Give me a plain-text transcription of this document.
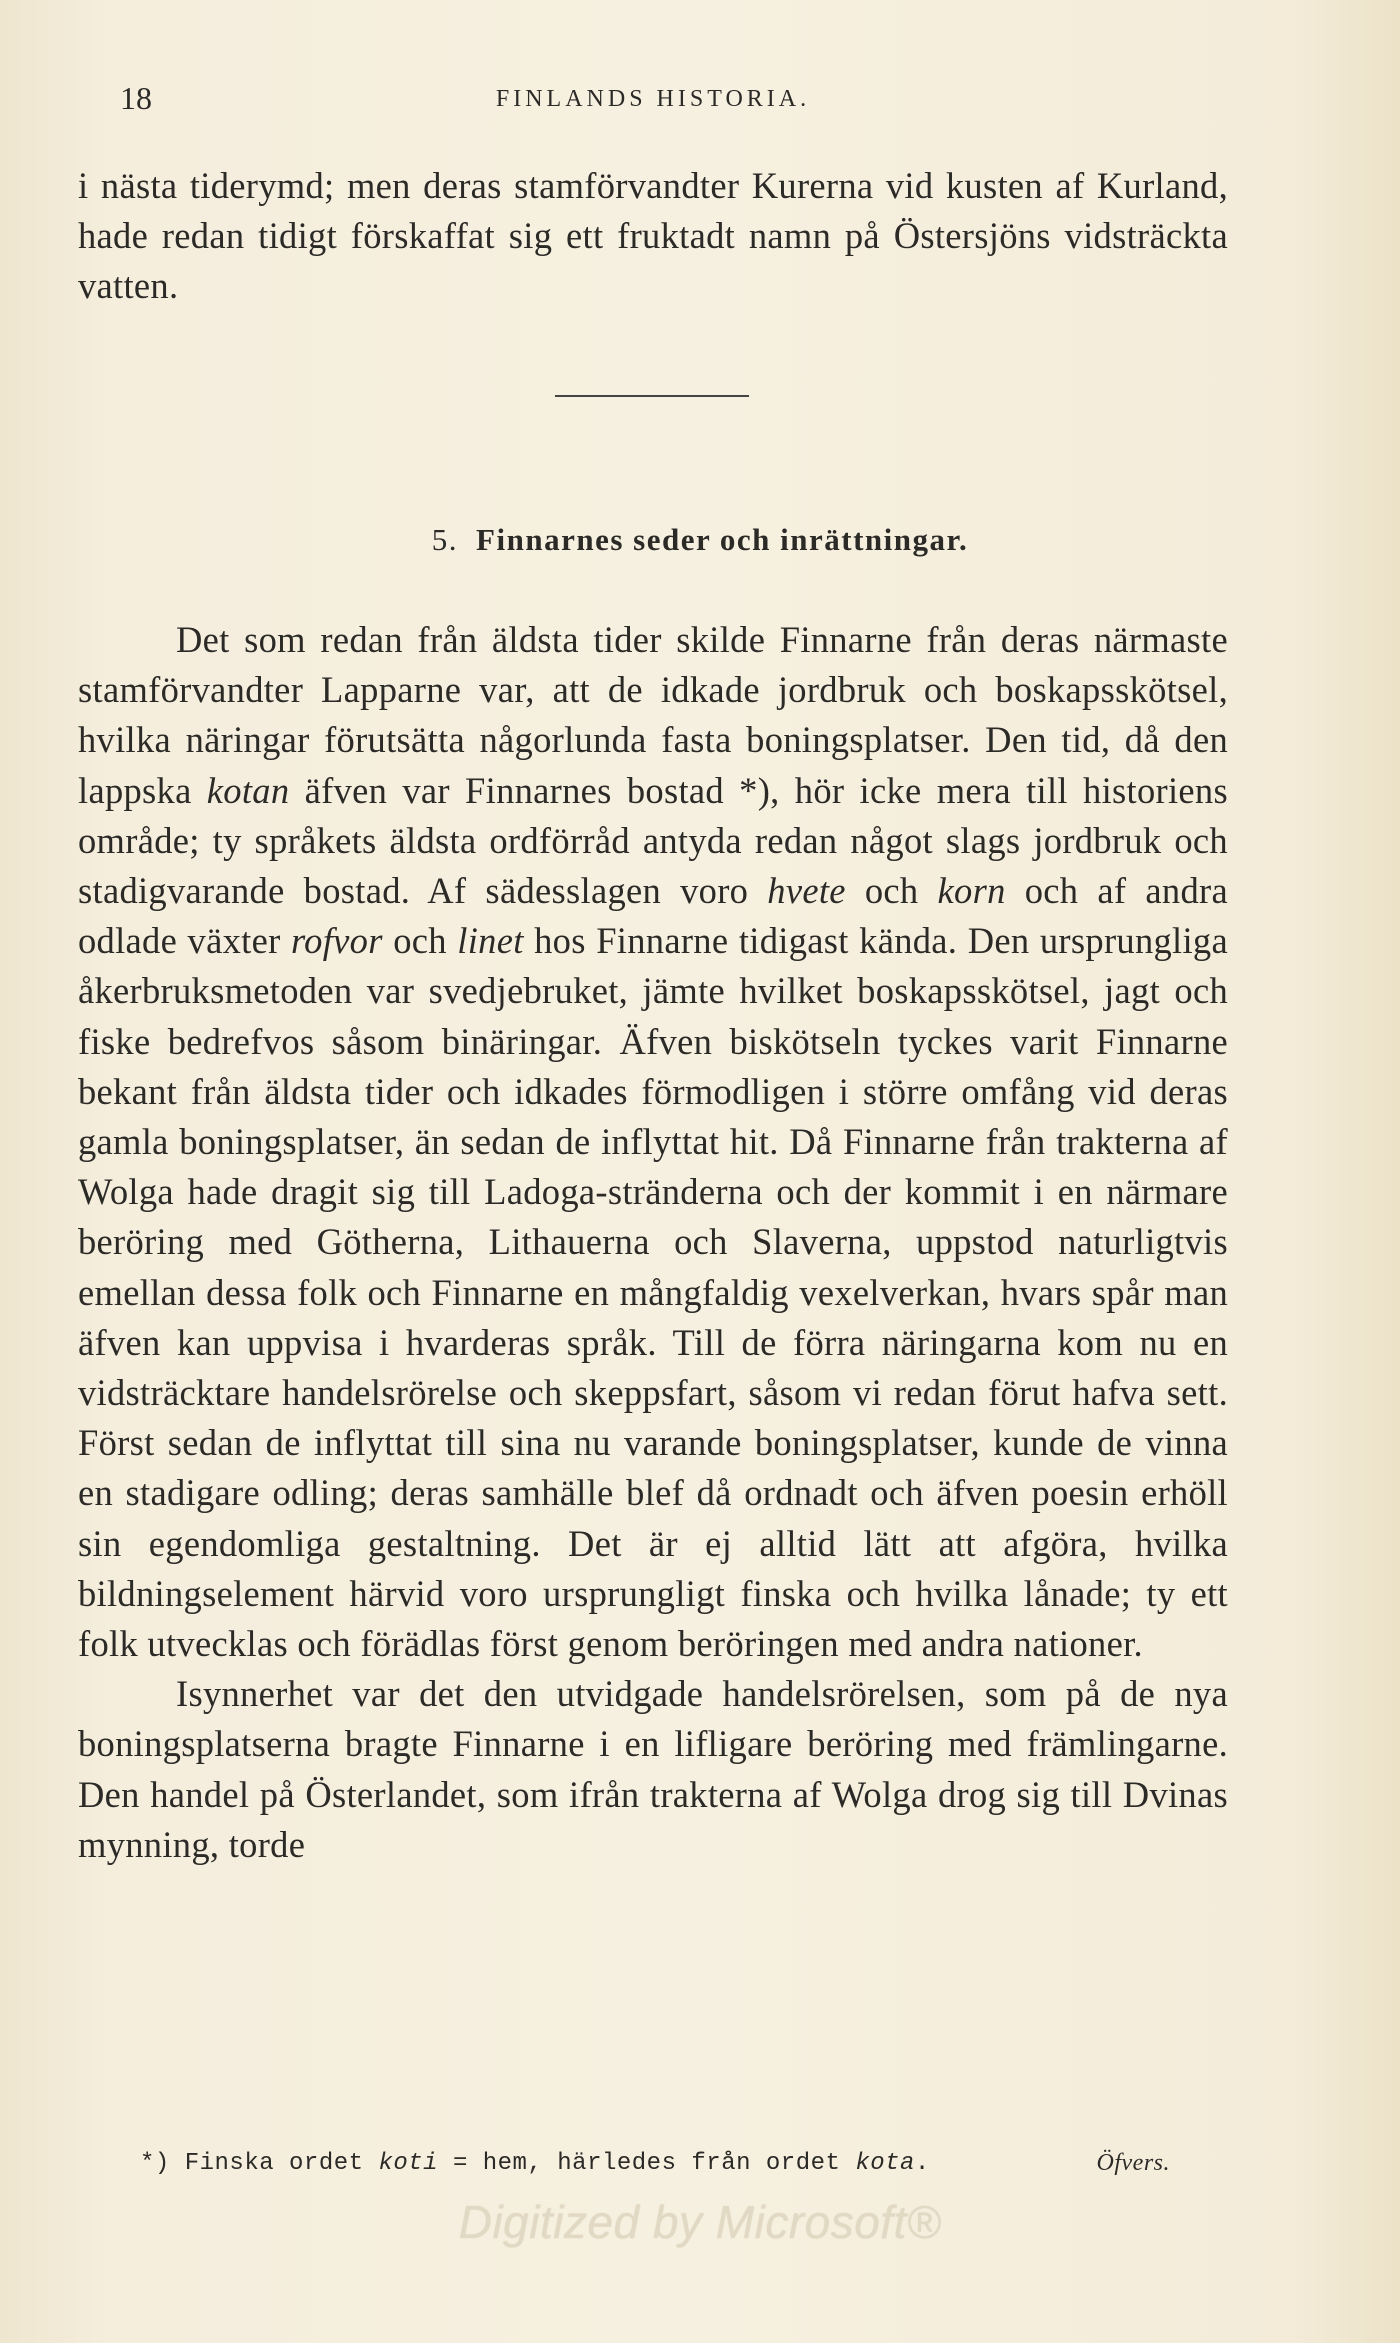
18	FINLANDS HISTORIA.

i nästa tiderymd; men deras stamförvandter Kurerna vid kusten af Kurland, hade redan tidigt förskaffat sig ett fruktadt namn på Östersjöns vidsträckta vatten.

5. Finnarnes seder och inrättningar.

Det som redan från äldsta tider skilde Finnarne från deras närmaste stamförvandter Lapparne var, att de idkade jordbruk och boskapsskötsel, hvilka näringar förutsätta någorlunda fasta boningsplatser. Den tid, då den lappska kotan äfven var Finnarnes bostad *), hör icke mera till historiens område; ty språkets äldsta ordförråd antyda redan något slags jordbruk och stadigvarande bostad. Af sädesslagen voro hvete och korn och af andra odlade växter rofvor och linet hos Finnarne tidigast kända. Den ursprungliga åkerbruksmetoden var svedjebruket, jämte hvilket boskapsskötsel, jagt och fiske bedrefvos såsom binäringar. Äfven biskötseln tyckes varit Finnarne bekant från äldsta tider och idkades förmodligen i större omfång vid deras gamla boningsplatser, än sedan de inflyttat hit. Då Finnarne från trakterna af Wolga hade dragit sig till Ladoga-stränderna och der kommit i en närmare beröring med Götherna, Lithauerna och Slaverna, uppstod naturligtvis emellan dessa folk och Finnarne en mångfaldig vexelverkan, hvars spår man äfven kan uppvisa i hvarderas språk. Till de förra näringarna kom nu en vidsträcktare handelsrörelse och skeppsfart, såsom vi redan förut hafva sett. Först sedan de inflyttat till sina nu varande boningsplatser, kunde de vinna en stadigare odling; deras samhälle blef då ordnadt och äfven poesin erhöll sin egendomliga gestaltning. Det är ej alltid lätt att afgöra, hvilka bildningselement härvid voro ursprungligt finska och hvilka lånade; ty ett folk utvecklas och förädlas först genom beröringen med andra nationer.

Isynnerhet var det den utvidgade handelsrörelsen, som på de nya boningsplatserna bragte Finnarne i en lifligare beröring med främlingarne. Den handel på Österlandet, som ifrån trakterna af Wolga drog sig till Dvinas mynning, torde

*) Finska ordet koti = hem, härledes från ordet kota.	Öfvers.
Digitized by Microsoft®
